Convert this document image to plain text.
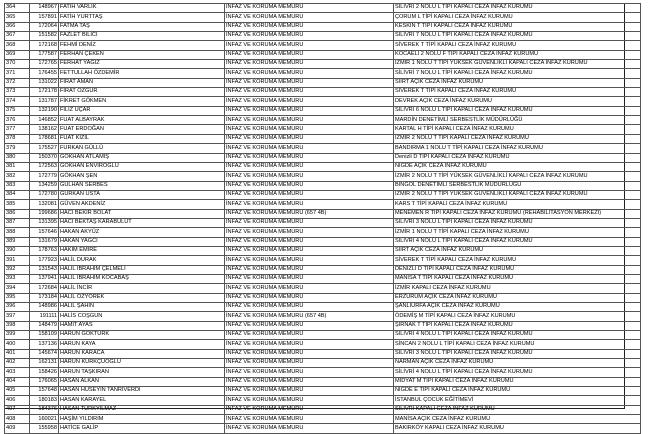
364	148967	FATİH VARLIK	İNFAZ VE KORUMA MEMURU	SİLİVRİ 2 NOLU L TİPİ KAPALI CEZA İNFAZ KURUMU
365	157891	FATİH YURTTAŞ	İNFAZ VE KORUMA MEMURU	ÇORUM L TİPİ KAPALI CEZA İNFAZ KURUMU
366	172064	FATMA TAŞ	İNFAZ VE KORUMA MEMURU	KESKİN T TİPİ KAPALI CEZA İNFAZ KURUMU
367	151582	FAZLET BİLİCİ	İNFAZ VE KORUMA MEMURU	SİLİVRİ 7 NOLU L TİPİ KAPALI CEZA İNFAZ KURUMU
368	172168	FEHMİ DENİZ	İNFAZ VE KORUMA MEMURU	SİVEREK T TİPİ KAPALI CEZA İNFAZ KURUMU
369	177587	FERHAN ÇEKEN	İNFAZ VE KORUMA MEMURU	KOCAELİ 2 NOLU F TİPİ KAPALI CEZA İNFAZ KURUMU
370	172765	FERHAT YAĞIZ	İNFAZ VE KORUMA MEMURU	İZMİR 1 NOLU T TİPİ YÜKSEK GÜVENLİKLİ KAPALI CEZA İNFAZ KURUMU
371	176455	FETTULLAH ÖZDEMİR	İNFAZ VE KORUMA MEMURU	SİLİVRİ 7 NOLU L TİPİ KAPALI CEZA İNFAZ KURUMU
372	131022	FIRAT AMAN	İNFAZ VE KORUMA MEMURU	SİİRT AÇIK CEZA İNFAZ KURUMU
373	172178	FIRAT ÖZGÜR	İNFAZ VE KORUMA MEMURU	SİVEREK T TİPİ KAPALI CEZA İNFAZ KURUMU
374	131787	FİKRET GÖKMEN	İNFAZ VE KORUMA MEMURU	DEVREK AÇIK CEZA İNFAZ KURUMU
375	132190	FİLİZ UÇAR	İNFAZ VE KORUMA MEMURU	SİLİVRİ 6 NOLU L TİPİ KAPALI CEZA İNFAZ KURUMU
376	146852	FUAT ALBAYRAK	İNFAZ VE KORUMA MEMURU	MARDİN DENETİMLİ SERBESTLİK MÜDÜRLÜĞÜ
377	138162	FUAT ERDOĞAN	İNFAZ VE KORUMA MEMURU	KARTAL H TİPİ KAPALI CEZA İNFAZ KURUMU
378	178681	FUAT KIZIL	İNFAZ VE KORUMA MEMURU	İZMİR 2 NOLU T TİPİ KAPALI CEZA İNFAZ KURUMU
379	175527	FURKAN GÜLLÜ	İNFAZ VE KORUMA MEMURU	BANDIRMA 1 NOLU T TİPİ KAPALI CEZA İNFAZ KURUMU
380	150370	GÖKHAN ATLAMIŞ	İNFAZ VE KORUMA MEMURU	Denizli D TİPİ KAPALI CEZA İNFAZ KURUMU
381	172563	GÖKHAN ENVİROĞLU	İNFAZ VE KORUMA MEMURU	NİĞDE AÇIK CEZA İNFAZ KURUMU
382	172779	GÖKHAN ŞEN	İNFAZ VE KORUMA MEMURU	İZMİR 2 NOLU T TİPİ YÜKSEK GÜVENLİKLİ KAPALI CEZA İNFAZ KURUMU
383	134259	GÜLHAN SERBES	İNFAZ VE KORUMA MEMURU	BİNGÖL DENETİMLİ SERBESTLİK MÜDÜRLÜĞÜ
384	172780	GÜRKAN USTA	İNFAZ VE KORUMA MEMURU	İZMİR 2 NOLU T TİPİ YÜKSEK GÜVENLİKLİ KAPALI CEZA İNFAZ KURUMU
385	132081	GÜVEN AKDENİZ	İNFAZ VE KORUMA MEMURU	KARS T TİPİ KAPALI CEZA İNFAZ KURUMU
386	199686	HACI BEKİR BOLAT	İNFAZ VE KORUMA MEMURU (657 4B)	MENEMEN R TİPİ KAPALI CEZA İNFAZ KURUMU (REHABİLİTASYON MERKEZİ)
387	131395	HACI BEKTAŞ KARABULUT	İNFAZ VE KORUMA MEMURU	SİLİVRİ 3 NOLU L TİPİ KAPALI CEZA İNFAZ KURUMU
388	157646	HAKAN AKYÜZ	İNFAZ VE KORUMA MEMURU	İZMİR 1 NOLU T TİPİ KAPALI CEZA İNFAZ KURUMU
389	131679	HAKAN YAĞCI	İNFAZ VE KORUMA MEMURU	SİLİVRİ 4 NOLU L TİPİ KAPALI CEZA İNFAZ KURUMU
390	178763	HAKİM EMİRE	İNFAZ VE KORUMA MEMURU	SİİRT AÇIK CEZA İNFAZ KURUMU
391	177923	HALİL DURAK	İNFAZ VE KORUMA MEMURU	SİVEREK T TİPİ KAPALI CEZA İNFAZ KURUMU
392	131543	HALİL İBRAHİM ÇELMELİ	İNFAZ VE KORUMA MEMURU	DENİZLİ D TİPİ KAPALI CEZA İNFAZ KURUMU
393	137941	HALİL İBRAHİM KOCABAŞ	İNFAZ VE KORUMA MEMURU	MANİSA T TİPİ KAPALI CEZA İNFAZ KURUMU
394	172684	HALİL İNCİR	İNFAZ VE KORUMA MEMURU	İZMİR KAPALI CEZA İNFAZ KURUMU
395	173184	HALİL ÖZYÖREK	İNFAZ VE KORUMA MEMURU	ERZURUM AÇIK CEZA İNFAZ KURUMU
396	148986	HALİL ŞAHİN	İNFAZ VE KORUMA MEMURU	ŞANLIURFA AÇIK CEZA İNFAZ KURUMU
397	191111	HALİS COŞGUN	İNFAZ VE KORUMA MEMURU (657 4B)	ÖDEMİŞ M TİPİ KAPALI CEZA İNFAZ KURUMU
398	148479	HAMİT AYAS	İNFAZ VE KORUMA MEMURU	ŞIRNAK T TİPİ KAPALI CEZA İNFAZ KURUMU
399	158109	HARUN GÖKTÜRK	İNFAZ VE KORUMA MEMURU	SİLİVRİ 4 NOLU L TİPİ KAPALI CEZA İNFAZ KURUMU
400	137136	HARUN KAYA	İNFAZ VE KORUMA MEMURU	SİNCAN 2 NOLU L TİPİ KAPALI CEZA İNFAZ KURUMU
401	145674	HARUN KARACA	İNFAZ VE KORUMA MEMURU	SİLİVRİ 3 NOLU L TİPİ KAPALI CEZA İNFAZ KURUMU
402	162131	HARUN KÜRKÇÜOĞLU	İNFAZ VE KORUMA MEMURU	NARMAN AÇIK CEZA İNFAZ KURUMU
403	158426	HARUN TAŞKIRAN	İNFAZ VE KORUMA MEMURU	SİLİVRİ 4 NOLU L TİPİ KAPALI CEZA İNFAZ KURUMU
404	176065	HASAN ALKAN	İNFAZ VE KORUMA MEMURU	MİDYAT M TİPİ KAPALI CEZA İNFAZ KURUMU
405	157648	HASAN HÜSEYİN TANRIVERDİ	İNFAZ VE KORUMA MEMURU	NİĞDE E TİPİ KAPALI CEZA İNFAZ KURUMU
406	180183	HASAN KARAYEL	İNFAZ VE KORUMA MEMURU	İSTANBUL ÇOCUK EĞİTİMEVİ
407	184376	HASAN TÜRKYILMAZ	İNFAZ VE KORUMA MEMURU	SİLİVRİ KAPALI CEZA İNFAZ KURUMU
408	160021	HAŞİM YILDIRIM	İNFAZ VE KORUMA MEMURU	MANİSA AÇIK CEZA İNFAZ KURUMU
409	155958	HATİCE GALİP	İNFAZ VE KORUMA MEMURU	BAKIRKÖY KAPALI CEZA İNFAZ KURUMU
